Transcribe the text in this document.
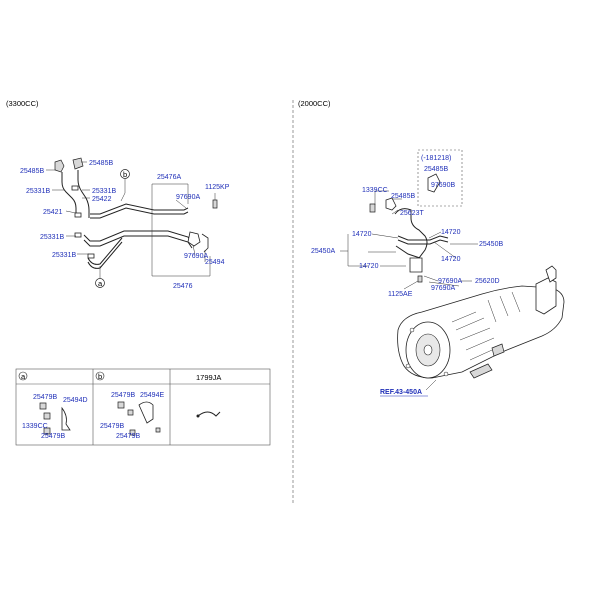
(3300CC)	(2000CC)
a
b
25485B
25485B
25331B	25331B
25422
25421
25331B
25331B
25476A
1125KP
97690A
97690A
25494
25476
a	b	1799JA
25479B 25494D
1339CC
25479B
25479B 25494E
25479B
25479B
(-181218)
25485B
97690B
1339CC
25485B
25623T
14720	14720
25450A
25450B
14720
14720
97690A 25620D
97690A
1125AE
REF.43-450A
